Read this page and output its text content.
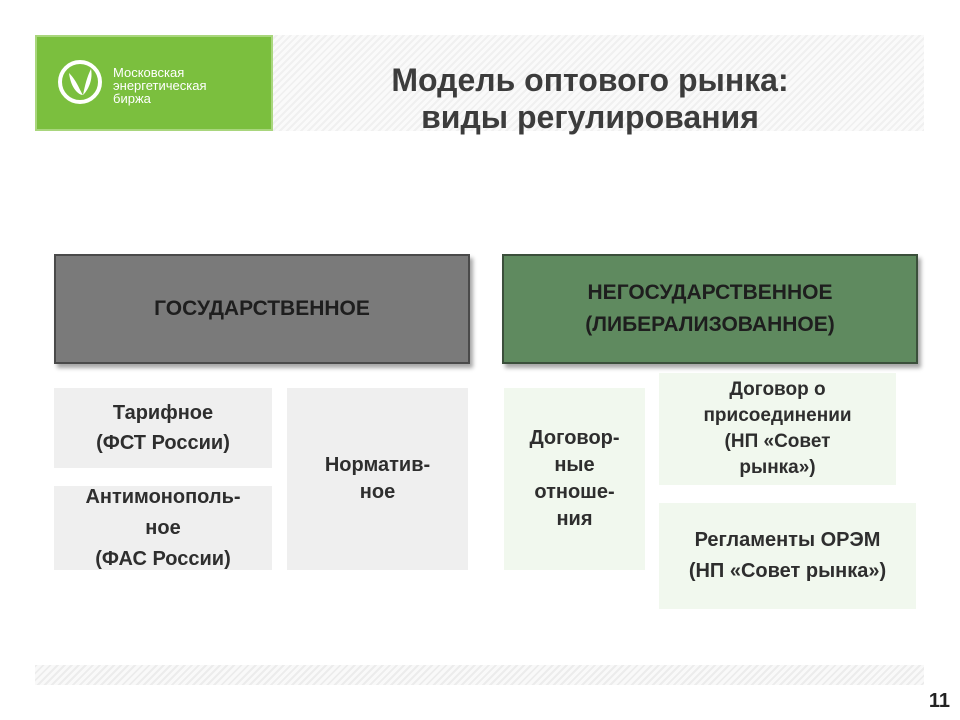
Московская
энергетическая
биржа
Модель оптового рынка:
виды регулирования
ГОСУДАРСТВЕННОЕ
НЕГОСУДАРСТВЕННОЕ
(ЛИБЕРАЛИЗОВАННОЕ)
Тарифное
(ФСТ России)
Антимонополь-
ное
(ФАС России)
Норматив-
ное
Договор-
ные
отноше-
ния
Договор о
присоединении
(НП «Совет
рынка»)
Регламенты ОРЭМ
(НП «Совет рынка»)
11
